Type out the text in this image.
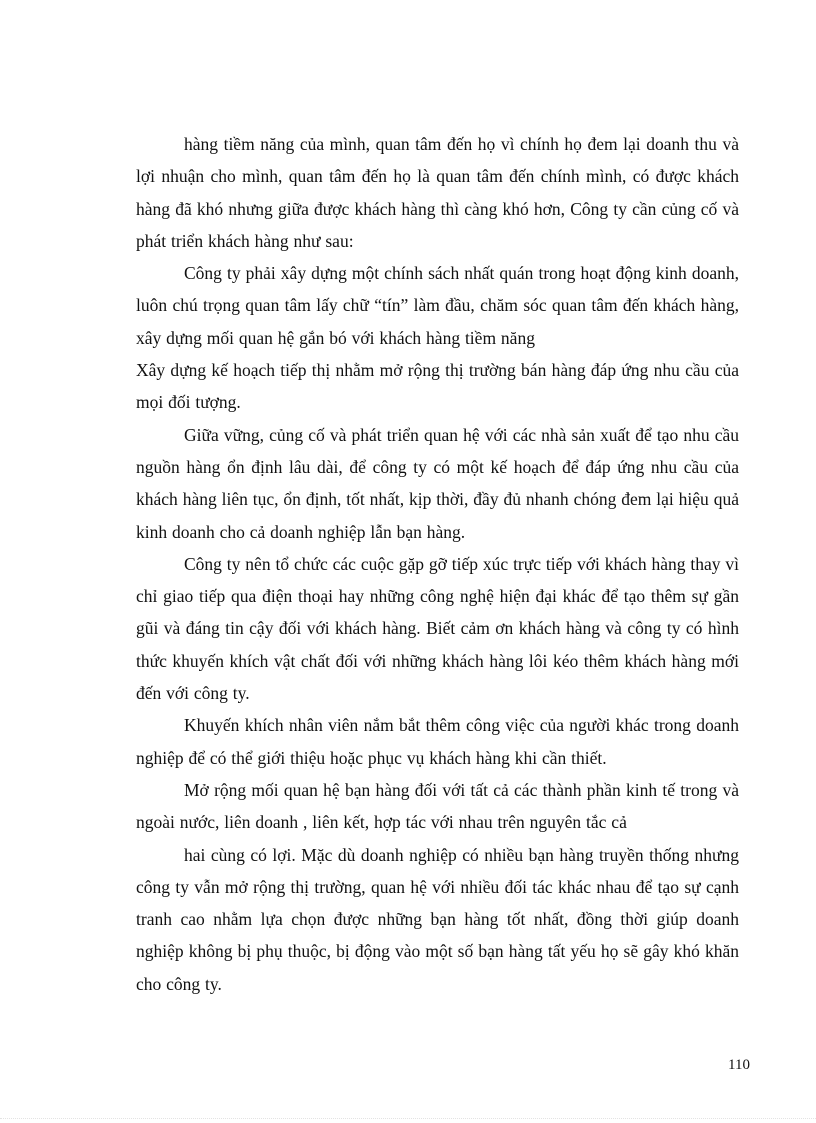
hàng tiềm năng của mình, quan tâm đến họ vì chính họ đem lại doanh thu và lợi nhuận cho mình, quan tâm đến họ là quan tâm đến chính mình, có được khách hàng đã khó nhưng giữa được khách hàng thì càng khó hơn, Công ty cần củng cố và phát triển khách hàng như sau:

Công ty phải xây dựng một chính sách nhất quán trong hoạt động kinh doanh, luôn chú trọng quan tâm lấy chữ “tín” làm đầu, chăm sóc quan tâm đến khách hàng, xây dựng mối quan hệ gắn bó với khách hàng tiềm năng

Xây dựng kế hoạch tiếp thị nhằm mở rộng thị trường bán hàng đáp ứng nhu cầu của mọi đối tượng.

Giữa vững, củng cố và phát triển quan hệ với các nhà sản xuất để tạo nhu cầu nguồn hàng ổn định lâu dài, để công ty có một kế hoạch để đáp ứng nhu cầu của khách hàng liên tục, ổn định, tốt nhất, kịp thời, đầy đủ nhanh chóng đem lại hiệu quả kinh doanh cho cả doanh nghiệp lẫn bạn hàng.

Công ty nên tổ chức các cuộc gặp gỡ tiếp xúc trực tiếp với khách hàng thay vì chỉ giao tiếp qua điện thoại hay những công nghệ hiện đại khác để tạo thêm sự gần gũi và đáng tin cậy đối với khách hàng. Biết cảm ơn khách hàng và công ty có hình thức khuyến khích vật chất đối với những khách hàng lôi kéo thêm khách hàng mới đến với công ty.

Khuyến khích nhân viên nắm bắt thêm công việc của người khác trong doanh nghiệp để có thể giới thiệu hoặc phục vụ khách hàng khi cần thiết.

Mở rộng mối quan hệ bạn hàng đối với tất cả các thành phần kinh tế trong và ngoài nước, liên doanh , liên kết, hợp tác với nhau trên nguyên tắc cả

hai cùng có lợi. Mặc dù doanh nghiệp có nhiều bạn hàng truyền thống nhưng công ty vẫn mở rộng thị trường, quan hệ với nhiều đối tác khác nhau để tạo sự cạnh tranh cao nhằm lựa chọn được những bạn hàng tốt nhất, đồng thời giúp doanh nghiệp không bị phụ thuộc, bị động vào một số bạn hàng tất yếu họ sẽ gây khó khăn cho công ty.

110
